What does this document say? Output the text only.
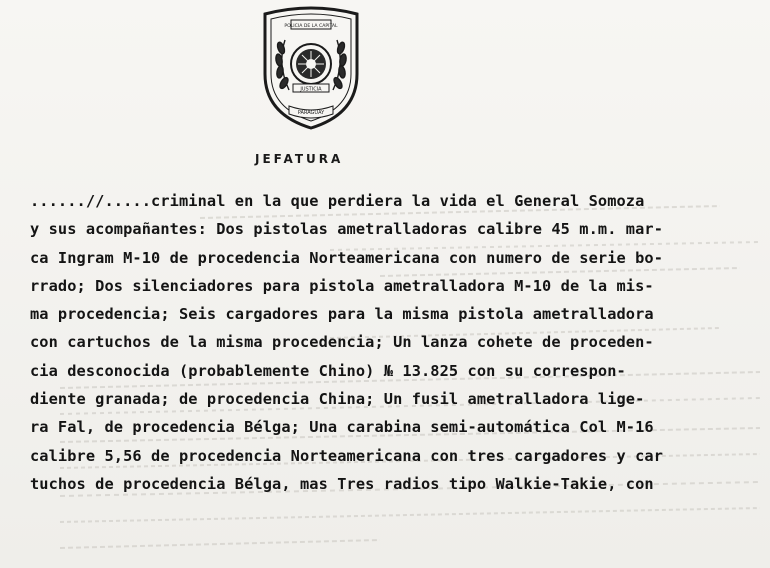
POLICIA DE LA CAPITAL
JUSTICIA
PARAGUAY
JEFATURA
......//.....criminal en la que perdiera la vida el General Somoza
y sus acompañantes: Dos pistolas ametralladoras calibre 45 m.m. mar-
ca Ingram M-10 de procedencia Norteamericana con numero de serie bo-
rrado; Dos silenciadores para pistola ametralladora M-10 de la mis-
ma procedencia; Seis cargadores para la misma pistola ametralladora
con cartuchos de la misma procedencia; Un lanza cohete de proceden-
cia desconocida (probablemente Chino) № 13.825 con su correspon-
diente granada; de procedencia China; Un fusil ametralladora lige-
ra Fal, de procedencia Bélga; Una carabina semi-automática Col M-16
calibre 5,56 de procedencia Norteamericana con tres cargadores y car
tuchos de procedencia Bélga, mas Tres radios tipo Walkie-Takie, con
